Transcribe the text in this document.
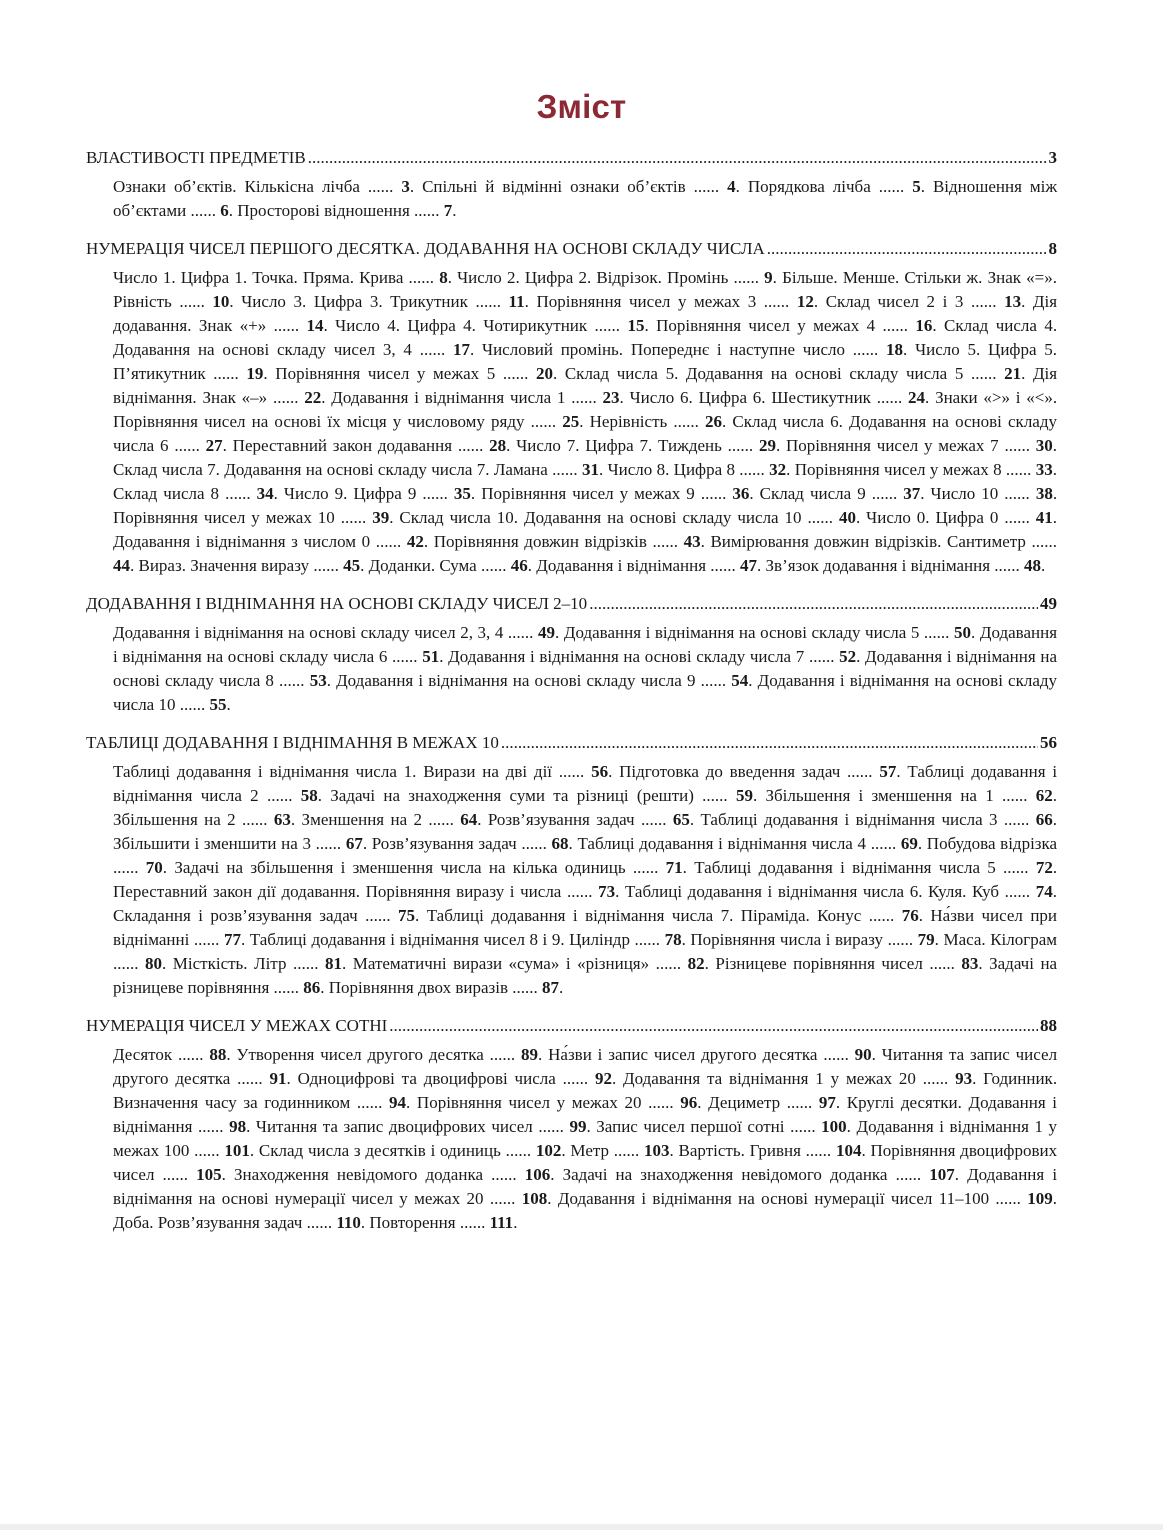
Зміст
ВЛАСТИВОСТІ ПРЕДМЕТІВ .....	3
Ознаки об’єктів. Кількісна лічба ...... 3. Спільні й відмінні ознаки об’єктів ...... 4. Порядкова лічба ...... 5. Відношення між об’єктами ...... 6. Просторові відношення ...... 7.
НУМЕРАЦІЯ ЧИСЕЛ ПЕРШОГО ДЕСЯТКА. ДОДАВАННЯ НА ОСНОВІ СКЛАДУ ЧИСЛА .....	8
Число 1. Цифра 1. Точка. Пряма. Крива ...... 8. Число 2. Цифра 2. Відрізок. Промінь ...... 9. Більше. Менше. Стільки ж. Знак «=». Рівність ...... 10. Число 3. Цифра 3. Трикутник ...... 11. Порівняння чисел у межах 3 ...... 12. Склад чисел 2 і 3 ...... 13. Дія додавання. Знак «+» ...... 14. Число 4. Цифра 4. Чотирикутник ...... 15. Порівняння чисел у межах 4 ...... 16. Склад числа 4. Додавання на основі складу чисел 3, 4 ...... 17. Числовий промінь. Попереднє і наступне число ...... 18. Число 5. Цифра 5. П’ятикутник ...... 19. Порівняння чисел у межах 5 ...... 20. Склад числа 5. Додавання на основі складу числа 5 ...... 21. Дія віднімання. Знак «–» ...... 22. Додавання і віднімання числа 1 ...... 23. Число 6. Цифра 6. Шестикутник ...... 24. Знаки «>» і «<». Порівняння чисел на основі їх місця у числовому ряду ...... 25. Нерівність ...... 26. Склад числа 6. Додавання на основі складу числа 6 ...... 27. Переставний закон додавання ...... 28. Число 7. Цифра 7. Тиждень ...... 29. Порівняння чисел у межах 7 ...... 30. Склад числа 7. Додавання на основі складу числа 7. Ламана ...... 31. Число 8. Цифра 8 ...... 32. Порівняння чисел у межах 8 ...... 33. Склад числа 8 ...... 34. Число 9. Цифра 9 ...... 35. Порівняння чисел у межах 9 ...... 36. Склад числа 9 ...... 37. Число 10 ...... 38. Порівняння чисел у межах 10 ...... 39. Склад числа 10. Додавання на основі складу числа 10 ...... 40. Число 0. Цифра 0 ...... 41. Додавання і віднімання з числом 0 ...... 42. Порівняння довжин відрізків ...... 43. Вимірювання довжин відрізків. Сантиметр ...... 44. Вираз. Значення виразу ...... 45. Доданки. Сума ...... 46. Додавання і віднімання ...... 47. Зв’язок додавання і віднімання ...... 48.
ДОДАВАННЯ І ВІДНІМАННЯ НА ОСНОВІ СКЛАДУ ЧИСЕЛ 2–10 .....	49
Додавання і віднімання на основі складу чисел 2, 3, 4 ...... 49. Додавання і віднімання на основі складу числа 5 ...... 50. Додавання і віднімання на основі складу числа 6 ...... 51. Додавання і віднімання на основі складу числа 7 ...... 52. Додавання і віднімання на основі складу числа 8 ...... 53. Додавання і віднімання на основі складу числа 9 ...... 54. Додавання і віднімання на основі складу числа 10 ...... 55.
ТАБЛИЦІ ДОДАВАННЯ І ВІДНІМАННЯ В МЕЖАХ 10 .....	56
Таблиці додавання і віднімання числа 1. Вирази на дві дії ...... 56. Підготовка до введення задач ...... 57. Таблиці додавання і віднімання числа 2 ...... 58. Задачі на знаходження суми та різниці (решти) ...... 59. Збільшення і зменшення на 1 ...... 62. Збільшення на 2 ...... 63. Зменшення на 2 ...... 64. Розв’язування задач ...... 65. Таблиці додавання і віднімання числа 3 ...... 66. Збільшити і зменшити на 3 ...... 67. Розв’язування задач ...... 68. Таблиці додавання і віднімання числа 4 ...... 69. Побудова відрізка ...... 70. Задачі на збільшення і зменшення числа на кілька одиниць ...... 71. Таблиці додавання і віднімання числа 5 ...... 72. Переставний закон дії додавання. Порівняння виразу і числа ...... 73. Таблиці додавання і віднімання числа 6. Куля. Куб ...... 74. Складання і розв’язування задач ...... 75. Таблиці додавання і віднімання числа 7. Піраміда. Конус ...... 76. На́зви чисел при відніманні ...... 77. Таблиці додавання і віднімання чисел 8 і 9. Циліндр ...... 78. Порівняння числа і виразу ...... 79. Маса. Кілограм ...... 80. Місткість. Літр ...... 81. Математичні вирази «сума» і «різниця» ...... 82. Різницеве порівняння чисел ...... 83. Задачі на різницеве порівняння ...... 86. Порівняння двох виразів ...... 87.
НУМЕРАЦІЯ ЧИСЕЛ У МЕЖАХ СОТНІ .....	88
Десяток ...... 88. Утворення чисел другого десятка ...... 89. На́зви і запис чисел другого десятка ...... 90. Читання та запис чисел другого десятка ...... 91. Одноцифрові та двоцифрові числа ...... 92. Додавання та віднімання 1 у межах 20 ...... 93. Годинник. Визначення часу за годинником ...... 94. Порівняння чисел у межах 20 ...... 96. Дециметр ...... 97. Круглі десятки. Додавання і віднімання ...... 98. Читання та запис двоцифрових чисел ...... 99. Запис чисел першої сотні ...... 100. Додавання і віднімання 1 у межах 100 ...... 101. Склад числа з десятків і одиниць ...... 102. Метр ...... 103. Вартість. Гривня ...... 104. Порівняння двоцифрових чисел ...... 105. Знаходження невідомого доданка ...... 106. Задачі на знаходження невідомого доданка ...... 107. Додавання і віднімання на основі нумерації чисел у межах 20 ...... 108. Додавання і віднімання на основі нумерації чисел 11–100 ...... 109. Доба. Розв’язування задач ...... 110. Повторення ...... 111.
